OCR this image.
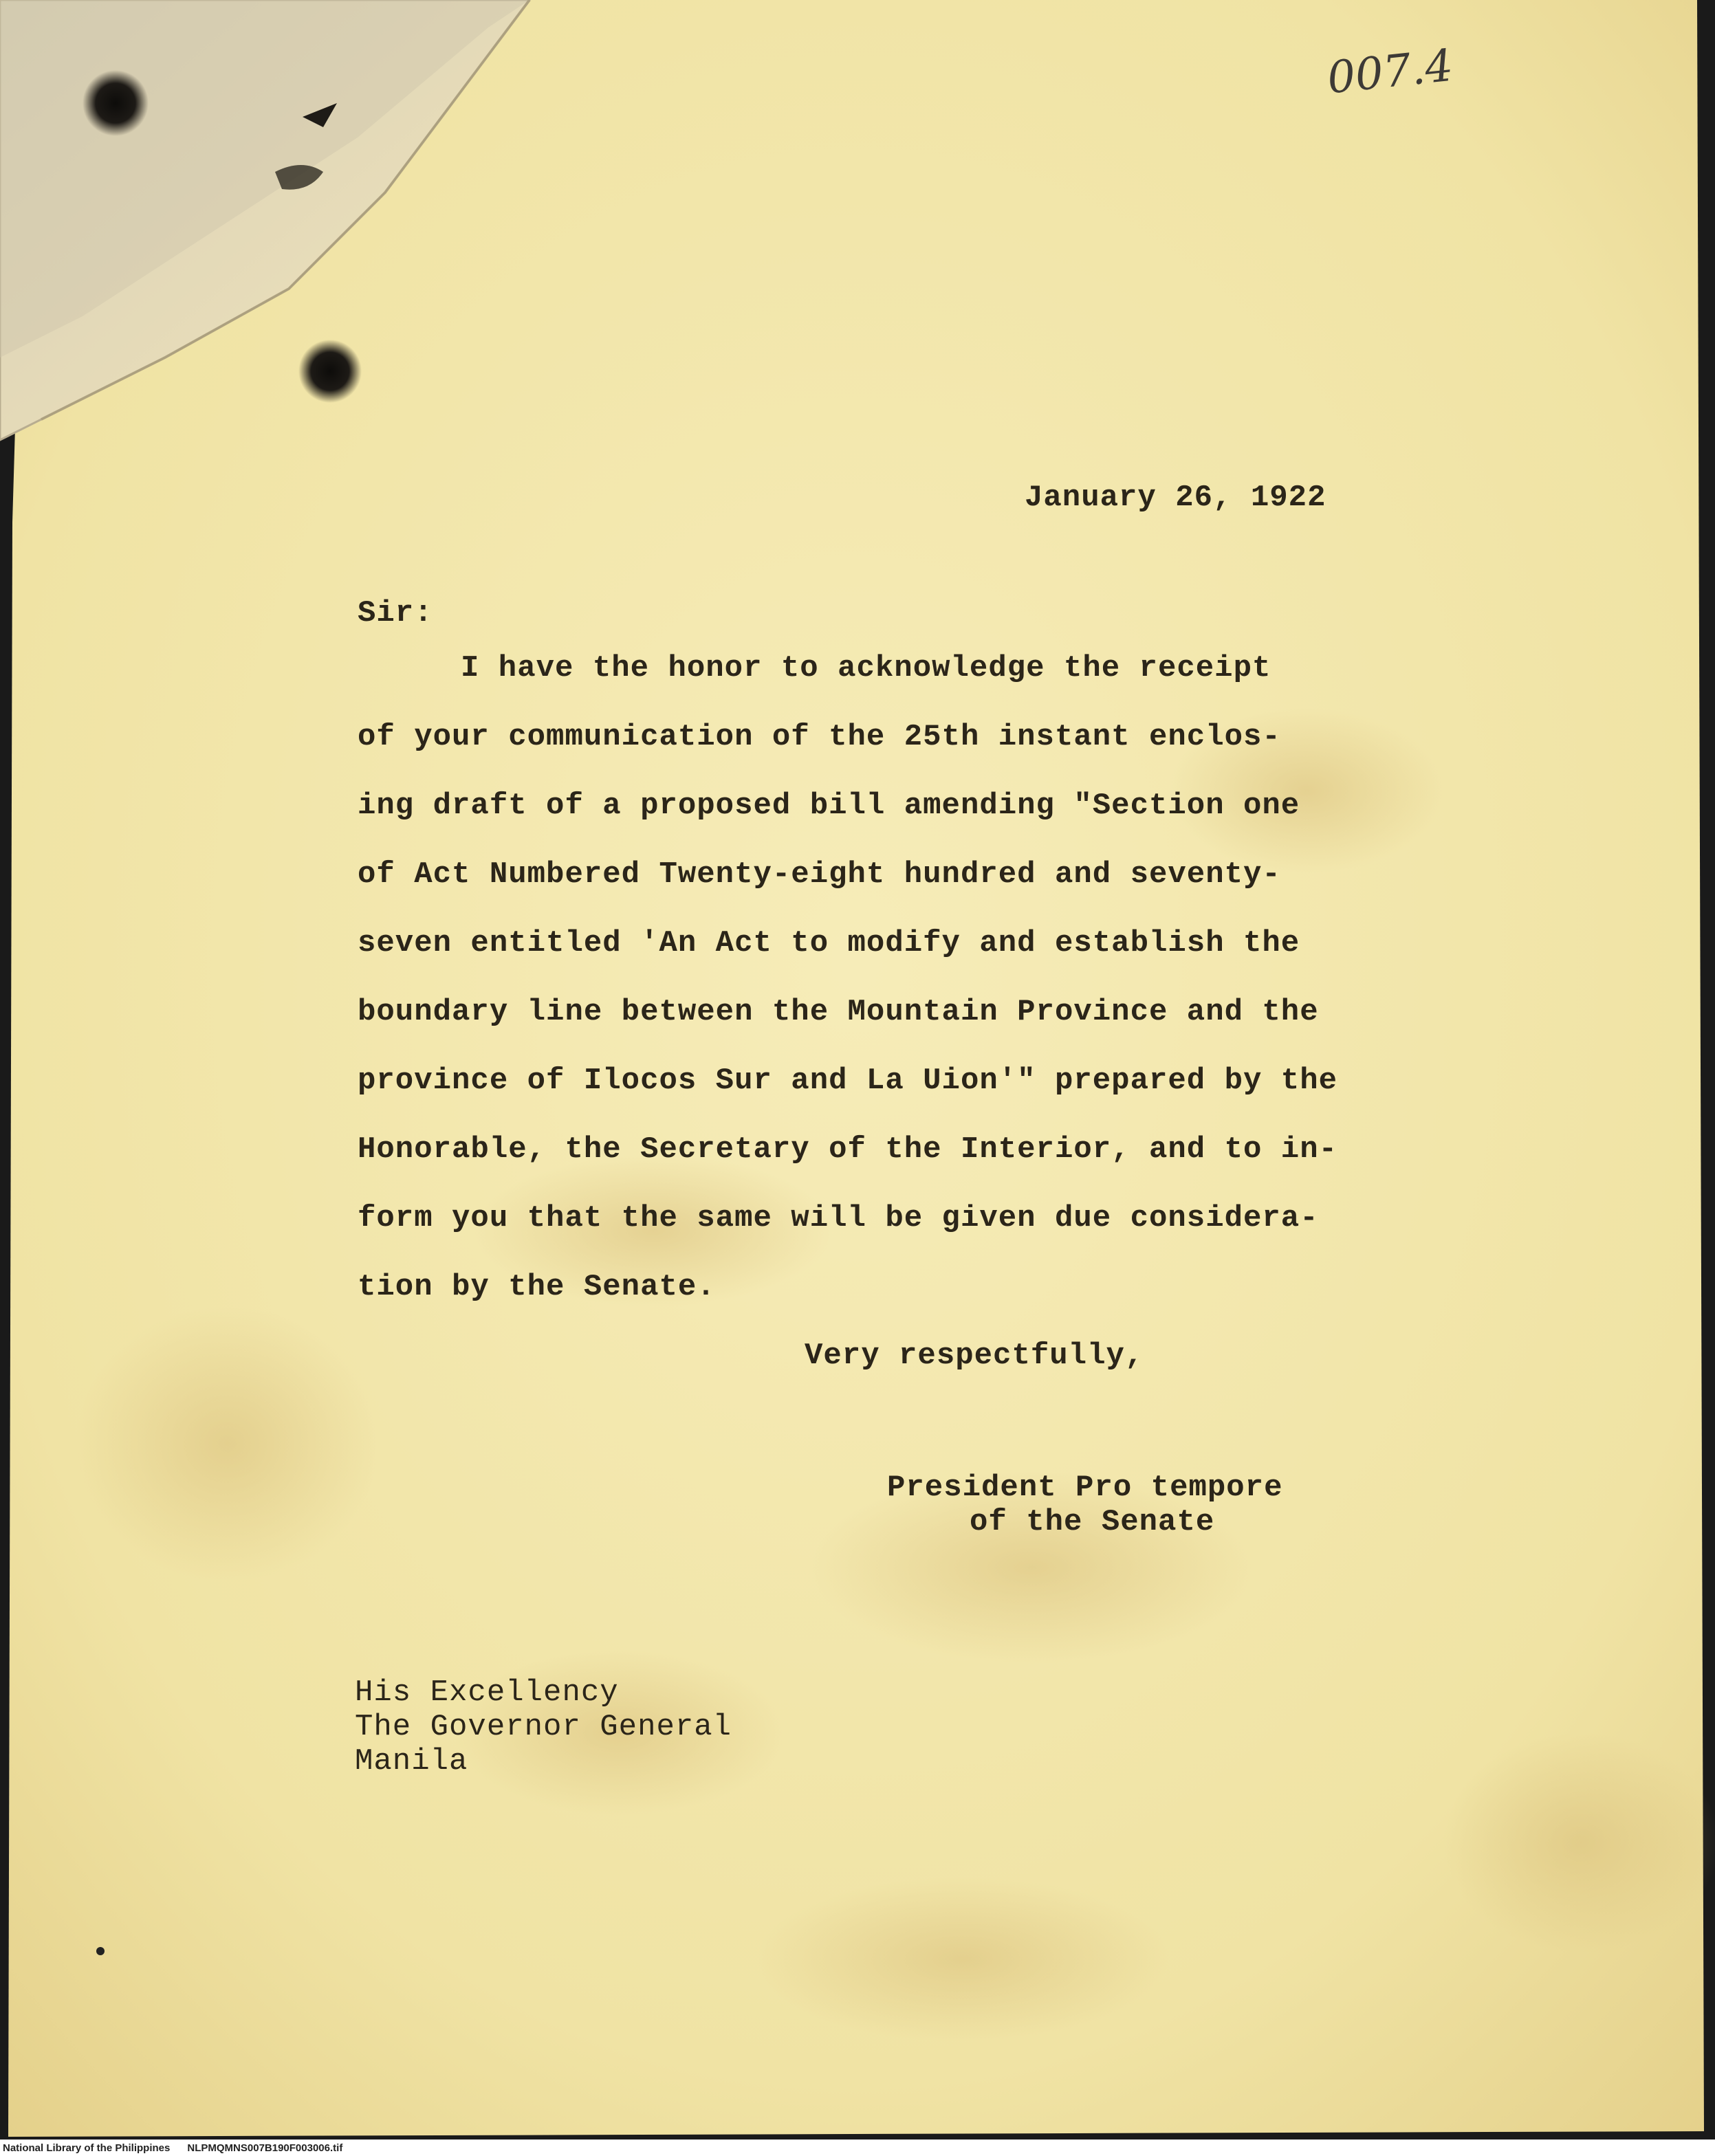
007.4

January 26, 1922

Sir:

I have the honor to acknowledge the receipt

of your communication of the 25th instant enclos-

ing draft of a proposed bill amending "Section one

of Act Numbered Twenty-eight hundred and seventy-

seven entitled 'An Act to modify and establish the

boundary line between the Mountain Province and the

province of Ilocos Sur and La Uion'" prepared by the

Honorable, the Secretary of the Interior, and to in-

form you that the same will be given due considera-

tion by the Senate.

Very respectfully,

President Pro tempore

of the Senate

His Excellency

The Governor General

Manila

National Library of the Philippines NLPMQMNS007B190F003006.tif
